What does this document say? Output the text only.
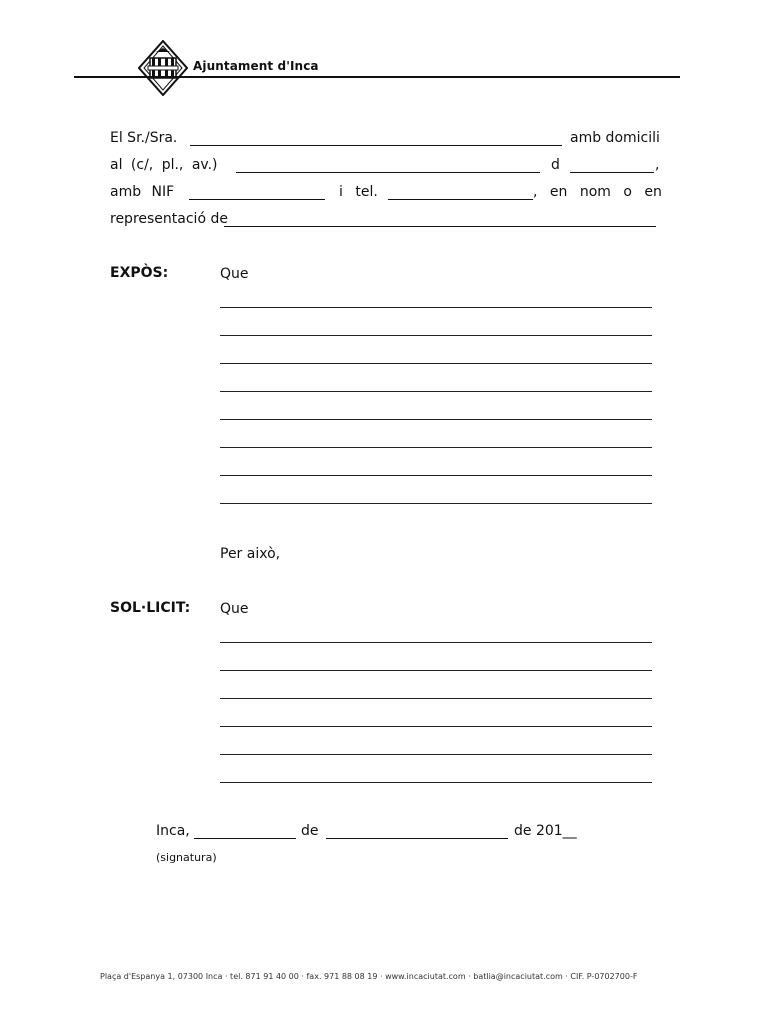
Ajuntament d'Inca
El Sr./Sra.	amb domicili
al (c/, pl., av.)	d	,
amb NIF	i tel.	, en nom o en
representació de
EXPÒS:	Que
Per això,
SOL·LICIT: Que
Inca,	de	de 201__
(signatura)
Plaça d'Espanya 1, 07300 Inca · tel. 871 91 40 00 · fax. 971 88 08 19 · www.incaciutat.com · batlia@incaciutat.com · CIF. P-0702700-F
